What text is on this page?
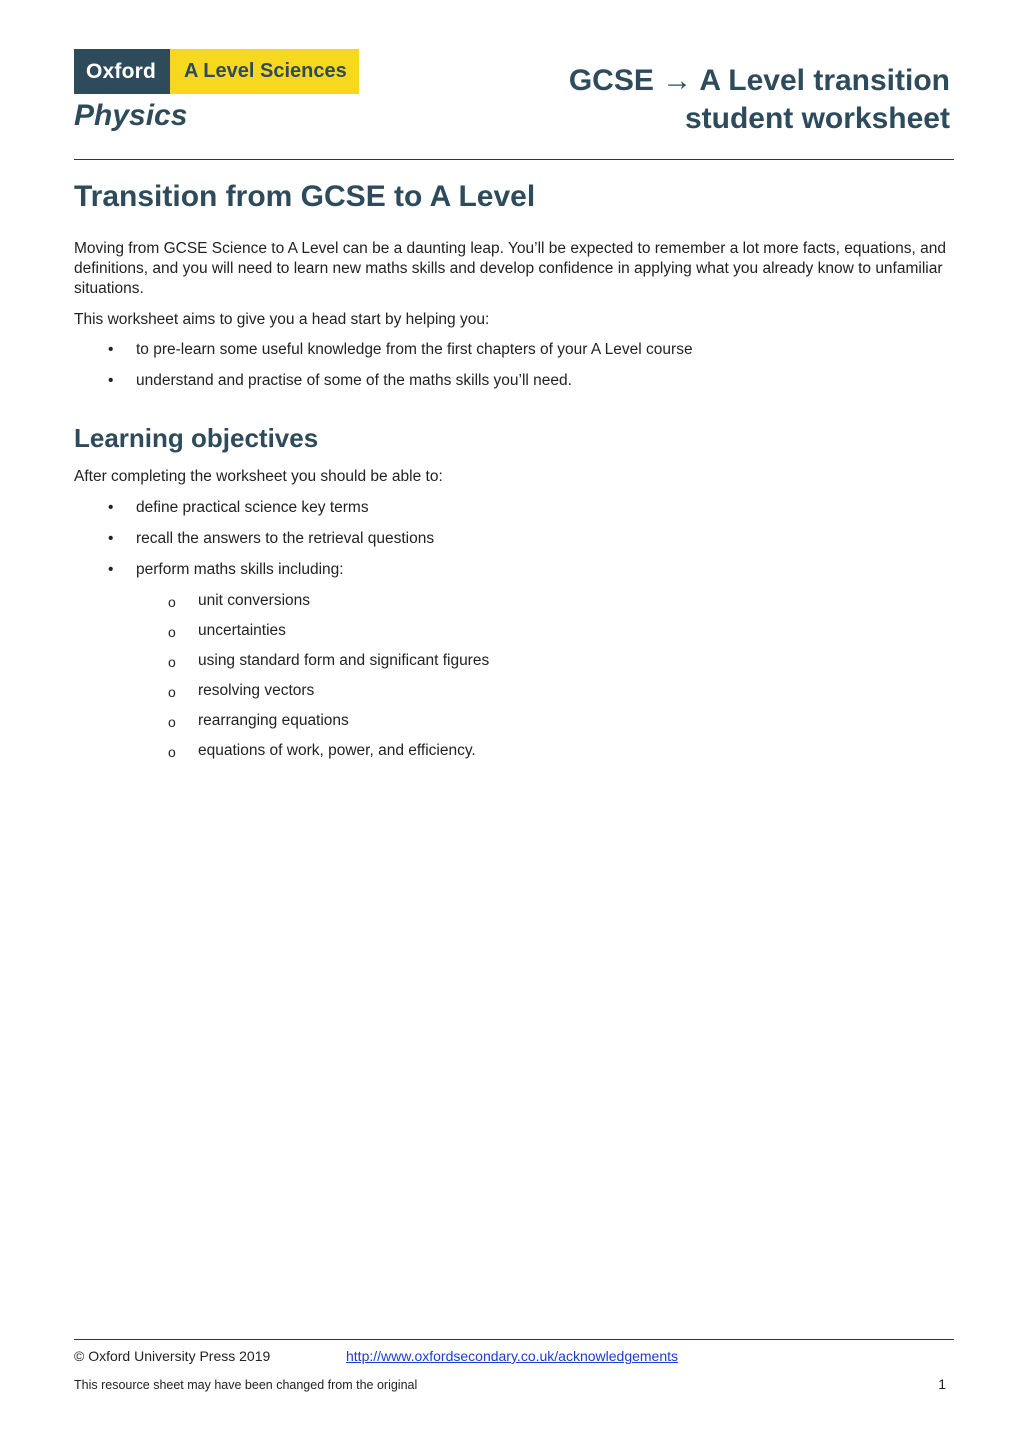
Oxford	A Level Sciences
Physics
GCSE → A Level transition
student worksheet
Transition from GCSE to A Level

Moving from GCSE Science to A Level can be a daunting leap. You’ll be expected to remember a lot more facts, equations, and definitions, and you will need to learn new maths skills and develop confidence in applying what you already know to unfamiliar situations.

This worksheet aims to give you a head start by helping you:

• to pre-learn some useful knowledge from the first chapters of your A Level course
• understand and practise of some of the maths skills you’ll need.
Learning objectives

After completing the worksheet you should be able to:

• define practical science key terms
• recall the answers to the retrieval questions
• perform maths skills including:
o unit conversions
o uncertainties
o using standard form and significant figures
o resolving vectors
o rearranging equations
o equations of work, power, and efficiency.
© Oxford University Press 2019	http://www.oxfordsecondary.co.uk/acknowledgements
This resource sheet may have been changed from the original	1
